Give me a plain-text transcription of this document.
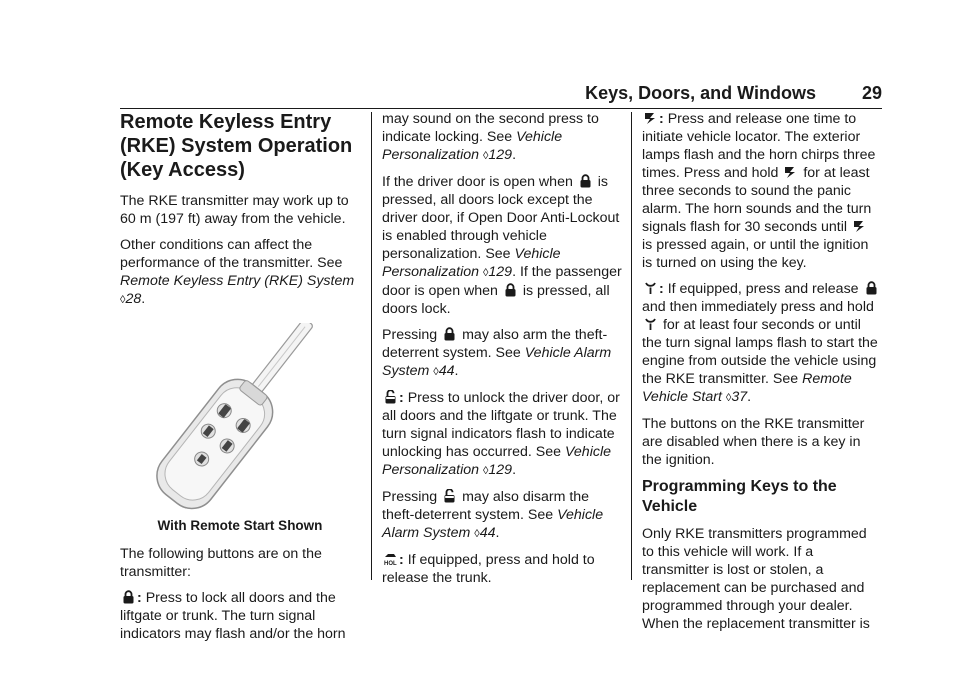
Keys, Doors, and Windows	29
Remote Keyless Entry (RKE) System Operation (Key Access)

The RKE transmitter may work up to 60 m (197 ft) away from the vehicle.

Other conditions can affect the performance of the transmitter. See Remote Keyless Entry (RKE) System ◊28.

With Remote Start Shown

The following buttons are on the transmitter:

: Press to lock all doors and the liftgate or trunk. The turn signal indicators may flash and/or the horn

may sound on the second press to indicate locking. See Vehicle Personalization ◊129.

If the driver door is open when is pressed, all doors lock except the driver door, if Open Door Anti-Lockout is enabled through vehicle personalization. See Vehicle Personalization ◊129. If the passenger door is open when is pressed, all doors lock.

Pressing may also arm the theft-deterrent system. See Vehicle Alarm System ◊44.

: Press to unlock the driver door, or all doors and the liftgate or trunk. The turn signal indicators flash to indicate unlocking has occurred. See Vehicle Personalization ◊129.

Pressing may also disarm the theft-deterrent system. See Vehicle Alarm System ◊44.

: If equipped, press and hold to release the trunk.

: Press and release one time to initiate vehicle locator. The exterior lamps flash and the horn chirps three times. Press and hold for at least three seconds to sound the panic alarm. The horn sounds and the turn signals flash for 30 seconds until
is pressed again, or until the ignition is turned on using the key.

: If equipped, press and release
and then immediately press and hold
for at least four seconds or until the turn signal lamps flash to start the engine from outside the vehicle using the RKE transmitter. See Remote Vehicle Start ◊37.

The buttons on the RKE transmitter are disabled when there is a key in the ignition.

Programming Keys to the Vehicle

Only RKE transmitters programmed to this vehicle will work. If a transmitter is lost or stolen, a replacement can be purchased and programmed through your dealer. When the replacement transmitter is
